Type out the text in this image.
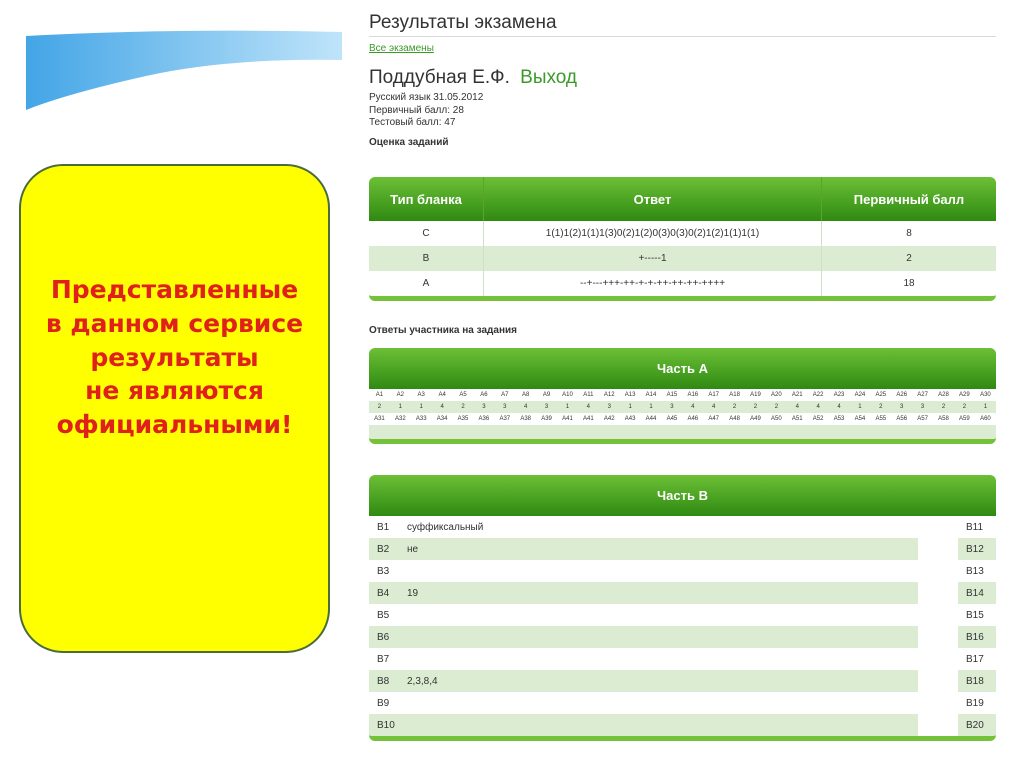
Представленные
в данном сервисе
результаты
не являются
официальными!
Результаты экзамена
Все экзамены
Поддубная Е.Ф. Выход
Русский язык 31.05.2012
Первичный балл: 28
Тестовый балл: 47
Оценка заданий
Тип бланка	Ответ	Первичный балл
C	1(1)1(2)1(1)1(3)0(2)1(2)0(3)0(3)0(2)1(2)1(1)1(1)	8
B	+-----1	2
A	--+---+++-++-+-+-++-++-++-++++	18
Ответы участника на задания
Часть А
A1	A2	A3	A4	A5	A6	A7	A8	A9	A10	A11	A12	A13	A14	A15	A16	A17	A18	A19	A20	A21	A22	A23	A24	A25	A26	A27	A28	A29	A30
2	1	1	4	2	3	3	4	3	1	4	3	1	1	3	4	4	2	2	2	4	4	4	1	2	3	3	2	2	1
A31	A32	A33	A34	A35	A36	A37	A38	A39	A41	A41	A42	A43	A44	A45	A46	A47	A48	A49	A50	A51	A52	A53	A54	A55	A56	A57	A58	A59	A60

Часть B
B1	суффиксальный		B11	
B2	не		B12	
B3			B13	
B4	19		B14	
B5			B15	
B6			B16	
B7			B17	
B8	2,3,8,4		B18	
B9			B19	
B10			B20	
